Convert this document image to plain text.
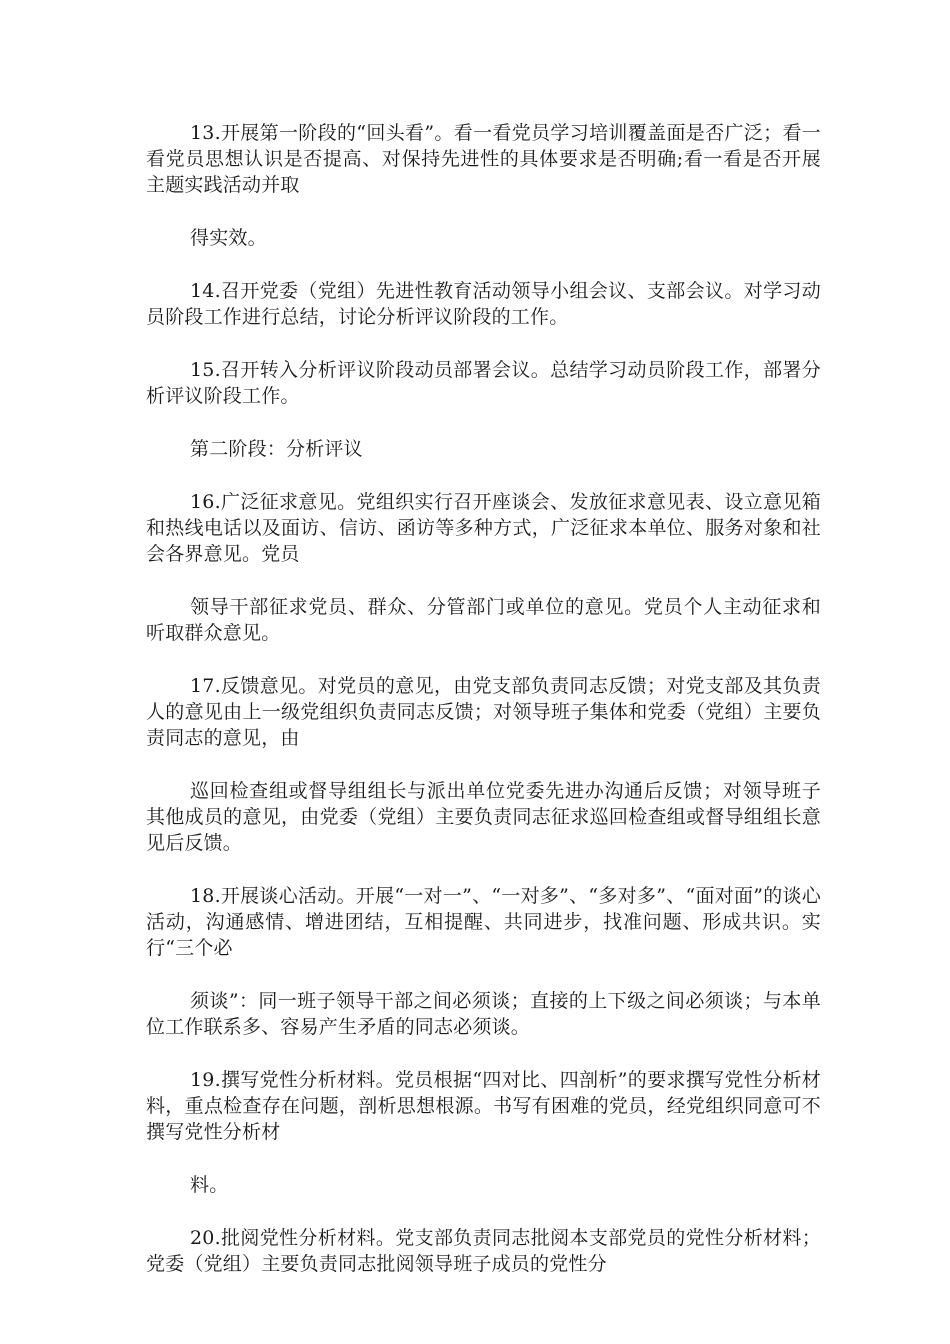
13.开展第一阶段的“回头看”。看一看党员学习培训覆盖面是否广泛；看一看党员思想认识是否提高、对保持先进性的具体要求是否明确;看一看是否开展主题实践活动并取

得实效。

14.召开党委（党组）先进性教育活动领导小组会议、支部会议。对学习动员阶段工作进行总结，讨论分析评议阶段的工作。

15.召开转入分析评议阶段动员部署会议。总结学习动员阶段工作，部署分析评议阶段工作。

第二阶段：分析评议

16.广泛征求意见。党组织实行召开座谈会、发放征求意见表、设立意见箱和热线电话以及面访、信访、函访等多种方式，广泛征求本单位、服务对象和社会各界意见。党员

领导干部征求党员、群众、分管部门或单位的意见。党员个人主动征求和听取群众意见。

17.反馈意见。对党员的意见，由党支部负责同志反馈；对党支部及其负责人的意见由上一级党组织负责同志反馈；对领导班子集体和党委（党组）主要负责同志的意见，由

巡回检查组或督导组组长与派出单位党委先进办沟通后反馈；对领导班子其他成员的意见，由党委（党组）主要负责同志征求巡回检查组或督导组组长意见后反馈。

18.开展谈心活动。开展“一对一”、“一对多”、“多对多”、“面对面”的谈心活动，沟通感情、增进团结，互相提醒、共同进步，找准问题、形成共识。实行“三个必

须谈”：同一班子领导干部之间必须谈；直接的上下级之间必须谈；与本单位工作联系多、容易产生矛盾的同志必须谈。

19.撰写党性分析材料。党员根据“四对比、四剖析”的要求撰写党性分析材料，重点检查存在问题，剖析思想根源。书写有困难的党员，经党组织同意可不撰写党性分析材

料。

20.批阅党性分析材料。党支部负责同志批阅本支部党员的党性分析材料；党委（党组）主要负责同志批阅领导班子成员的党性分
